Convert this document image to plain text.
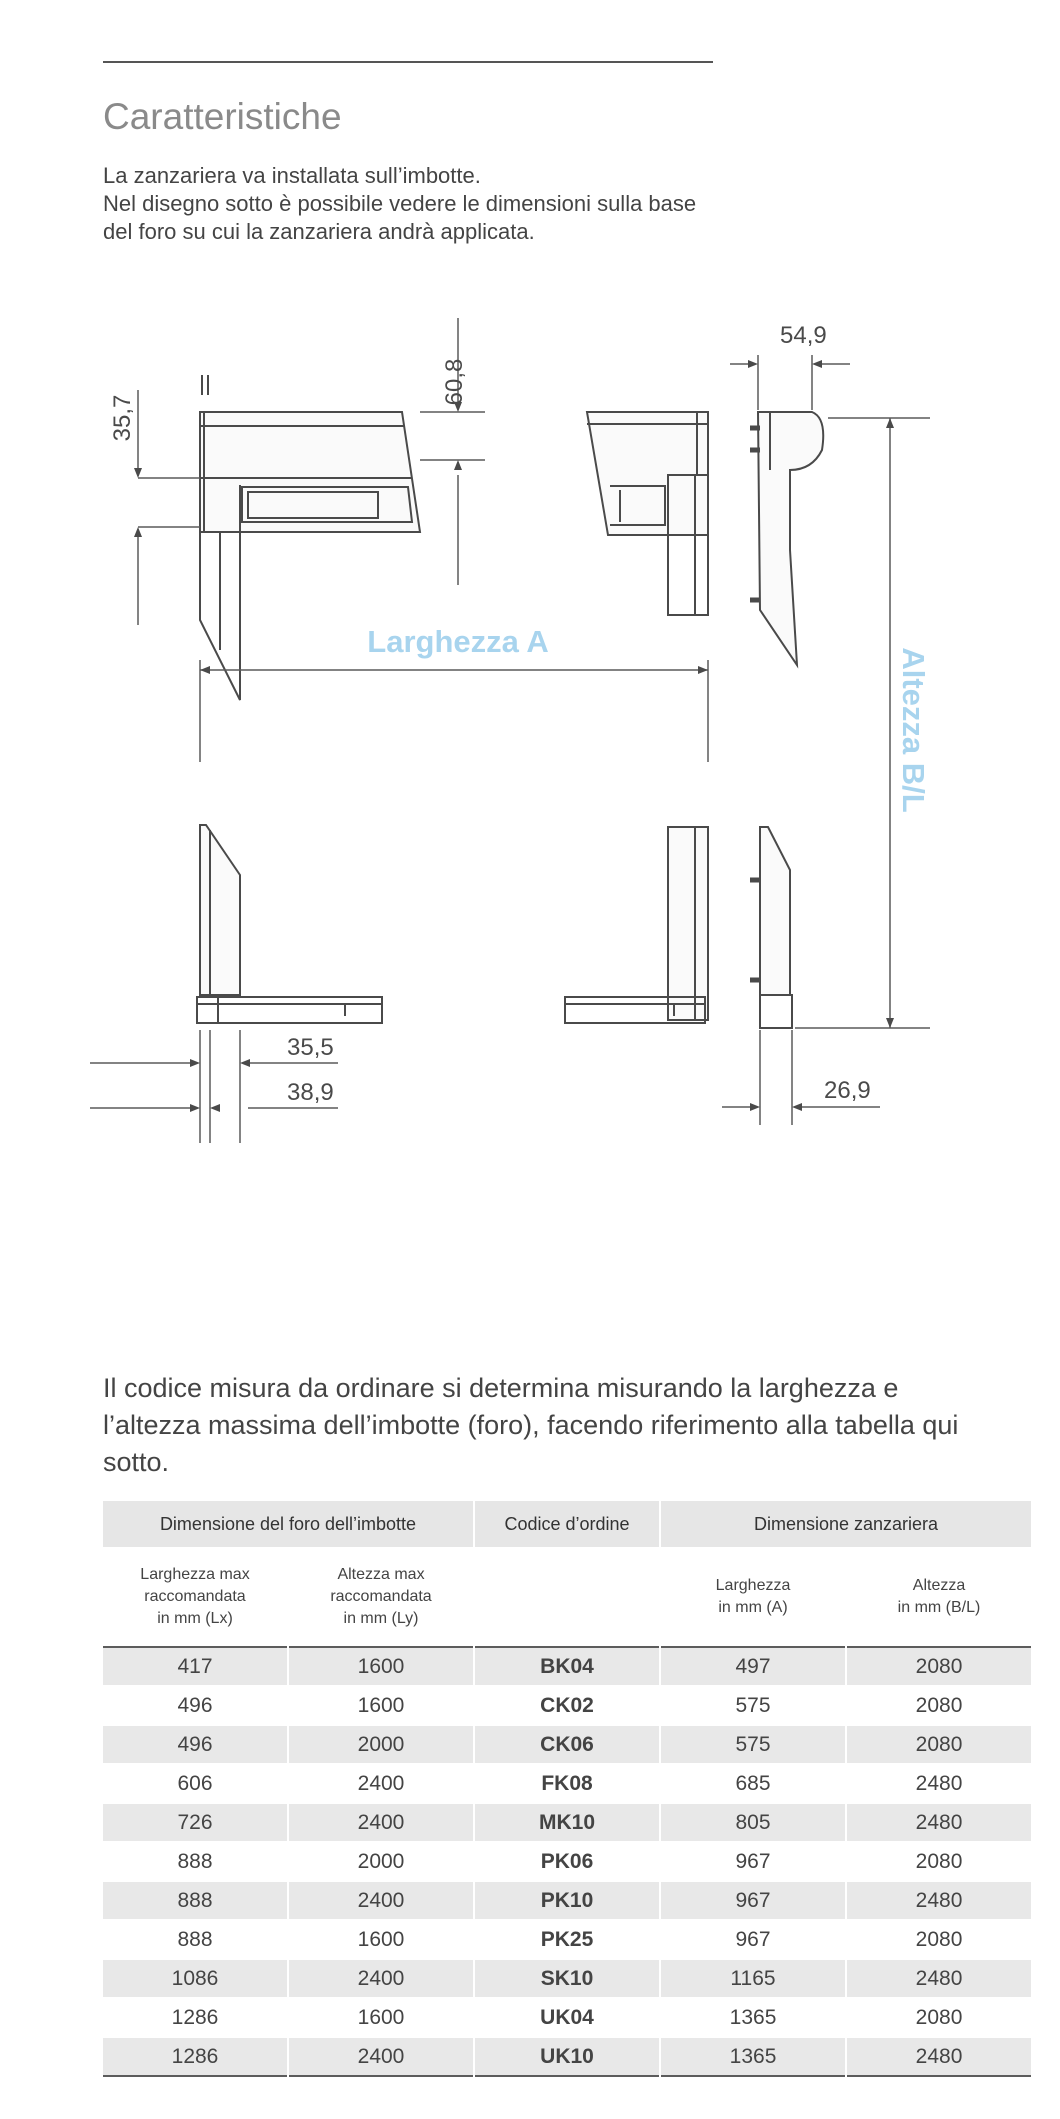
Caratteristiche
La zanzariera va installata sull’imbotte.
Nel disegno sotto è possibile vedere le dimensioni sulla base
del foro su cui la zanzariera andrà applicata.
60,8
35,7
54,9
35,5
38,9	26,9
Larghezza A
Altezza B/L
Il codice misura da ordinare si determina misurando la larghezza e l’altezza massima dell’imbotte (foro), facendo riferimento alla tabella qui sotto.
Dimensione del foro dell’imbotte		Codice d’ordine	Dimensione zanzariera	
Larghezza max
raccomandata
in mm (Lx)	Altezza max
raccomandata
in mm (Ly)		Larghezza
in mm (A)	Altezza
in mm (B/L)
417	1600	BK04	497	2080
496	1600	CK02	575	2080
496	2000	CK06	575	2080
606	2400	FK08	685	2480
726	2400	MK10	805	2480
888	2000	PK06	967	2080
888	2400	PK10	967	2480
888	1600	PK25	967	2080
1086	2400	SK10	1165	2480
1286	1600	UK04	1365	2080
1286	2400	UK10	1365	2480
